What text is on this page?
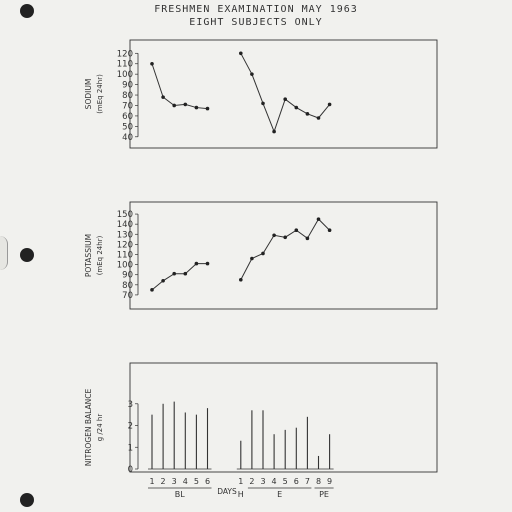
FRESHMEN EXAMINATION MAY 1963
EIGHT SUBJECTS ONLY
40
50
60
70
80
90
100
110
120
SODIUM (mEq 24hr)
70
80
90
100
110
120
130
140
150
POTASSIUM (mEq 24hr)
0
1
2
3
NITROGEN BALANCE g /24 hr
1 2 3 4 5 6	1 2 3 4 5 6 7 8 9
BL	H	E	PE
DAYS
